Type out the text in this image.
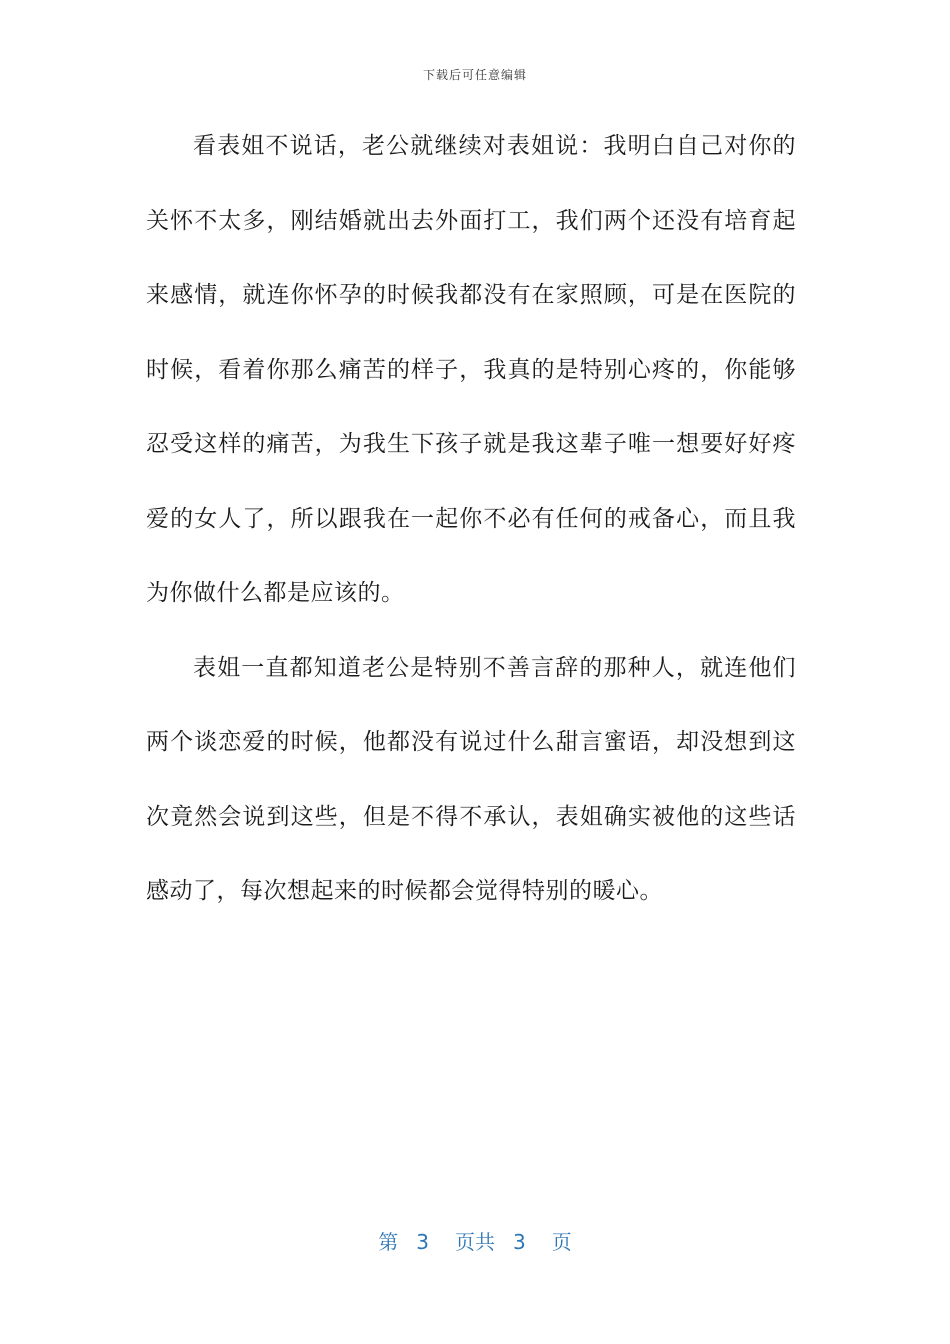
下载后可任意编辑
看表姐不说话，老公就继续对表姐说：我明白自己对你的
关怀不太多，刚结婚就出去外面打工，我们两个还没有培育起
来感情，就连你怀孕的时候我都没有在家照顾，可是在医院的
时候，看着你那么痛苦的样子，我真的是特别心疼的，你能够
忍受这样的痛苦，为我生下孩子就是我这辈子唯一想要好好疼
爱的女人了，所以跟我在一起你不必有任何的戒备心，而且我
为你做什么都是应该的。
表姐一直都知道老公是特别不善言辞的那种人，就连他们
两个谈恋爱的时候，他都没有说过什么甜言蜜语，却没想到这
次竟然会说到这些，但是不得不承认，表姐确实被他的这些话
感动了，每次想起来的时候都会觉得特别的暖心。
第 3 页共 3 页
